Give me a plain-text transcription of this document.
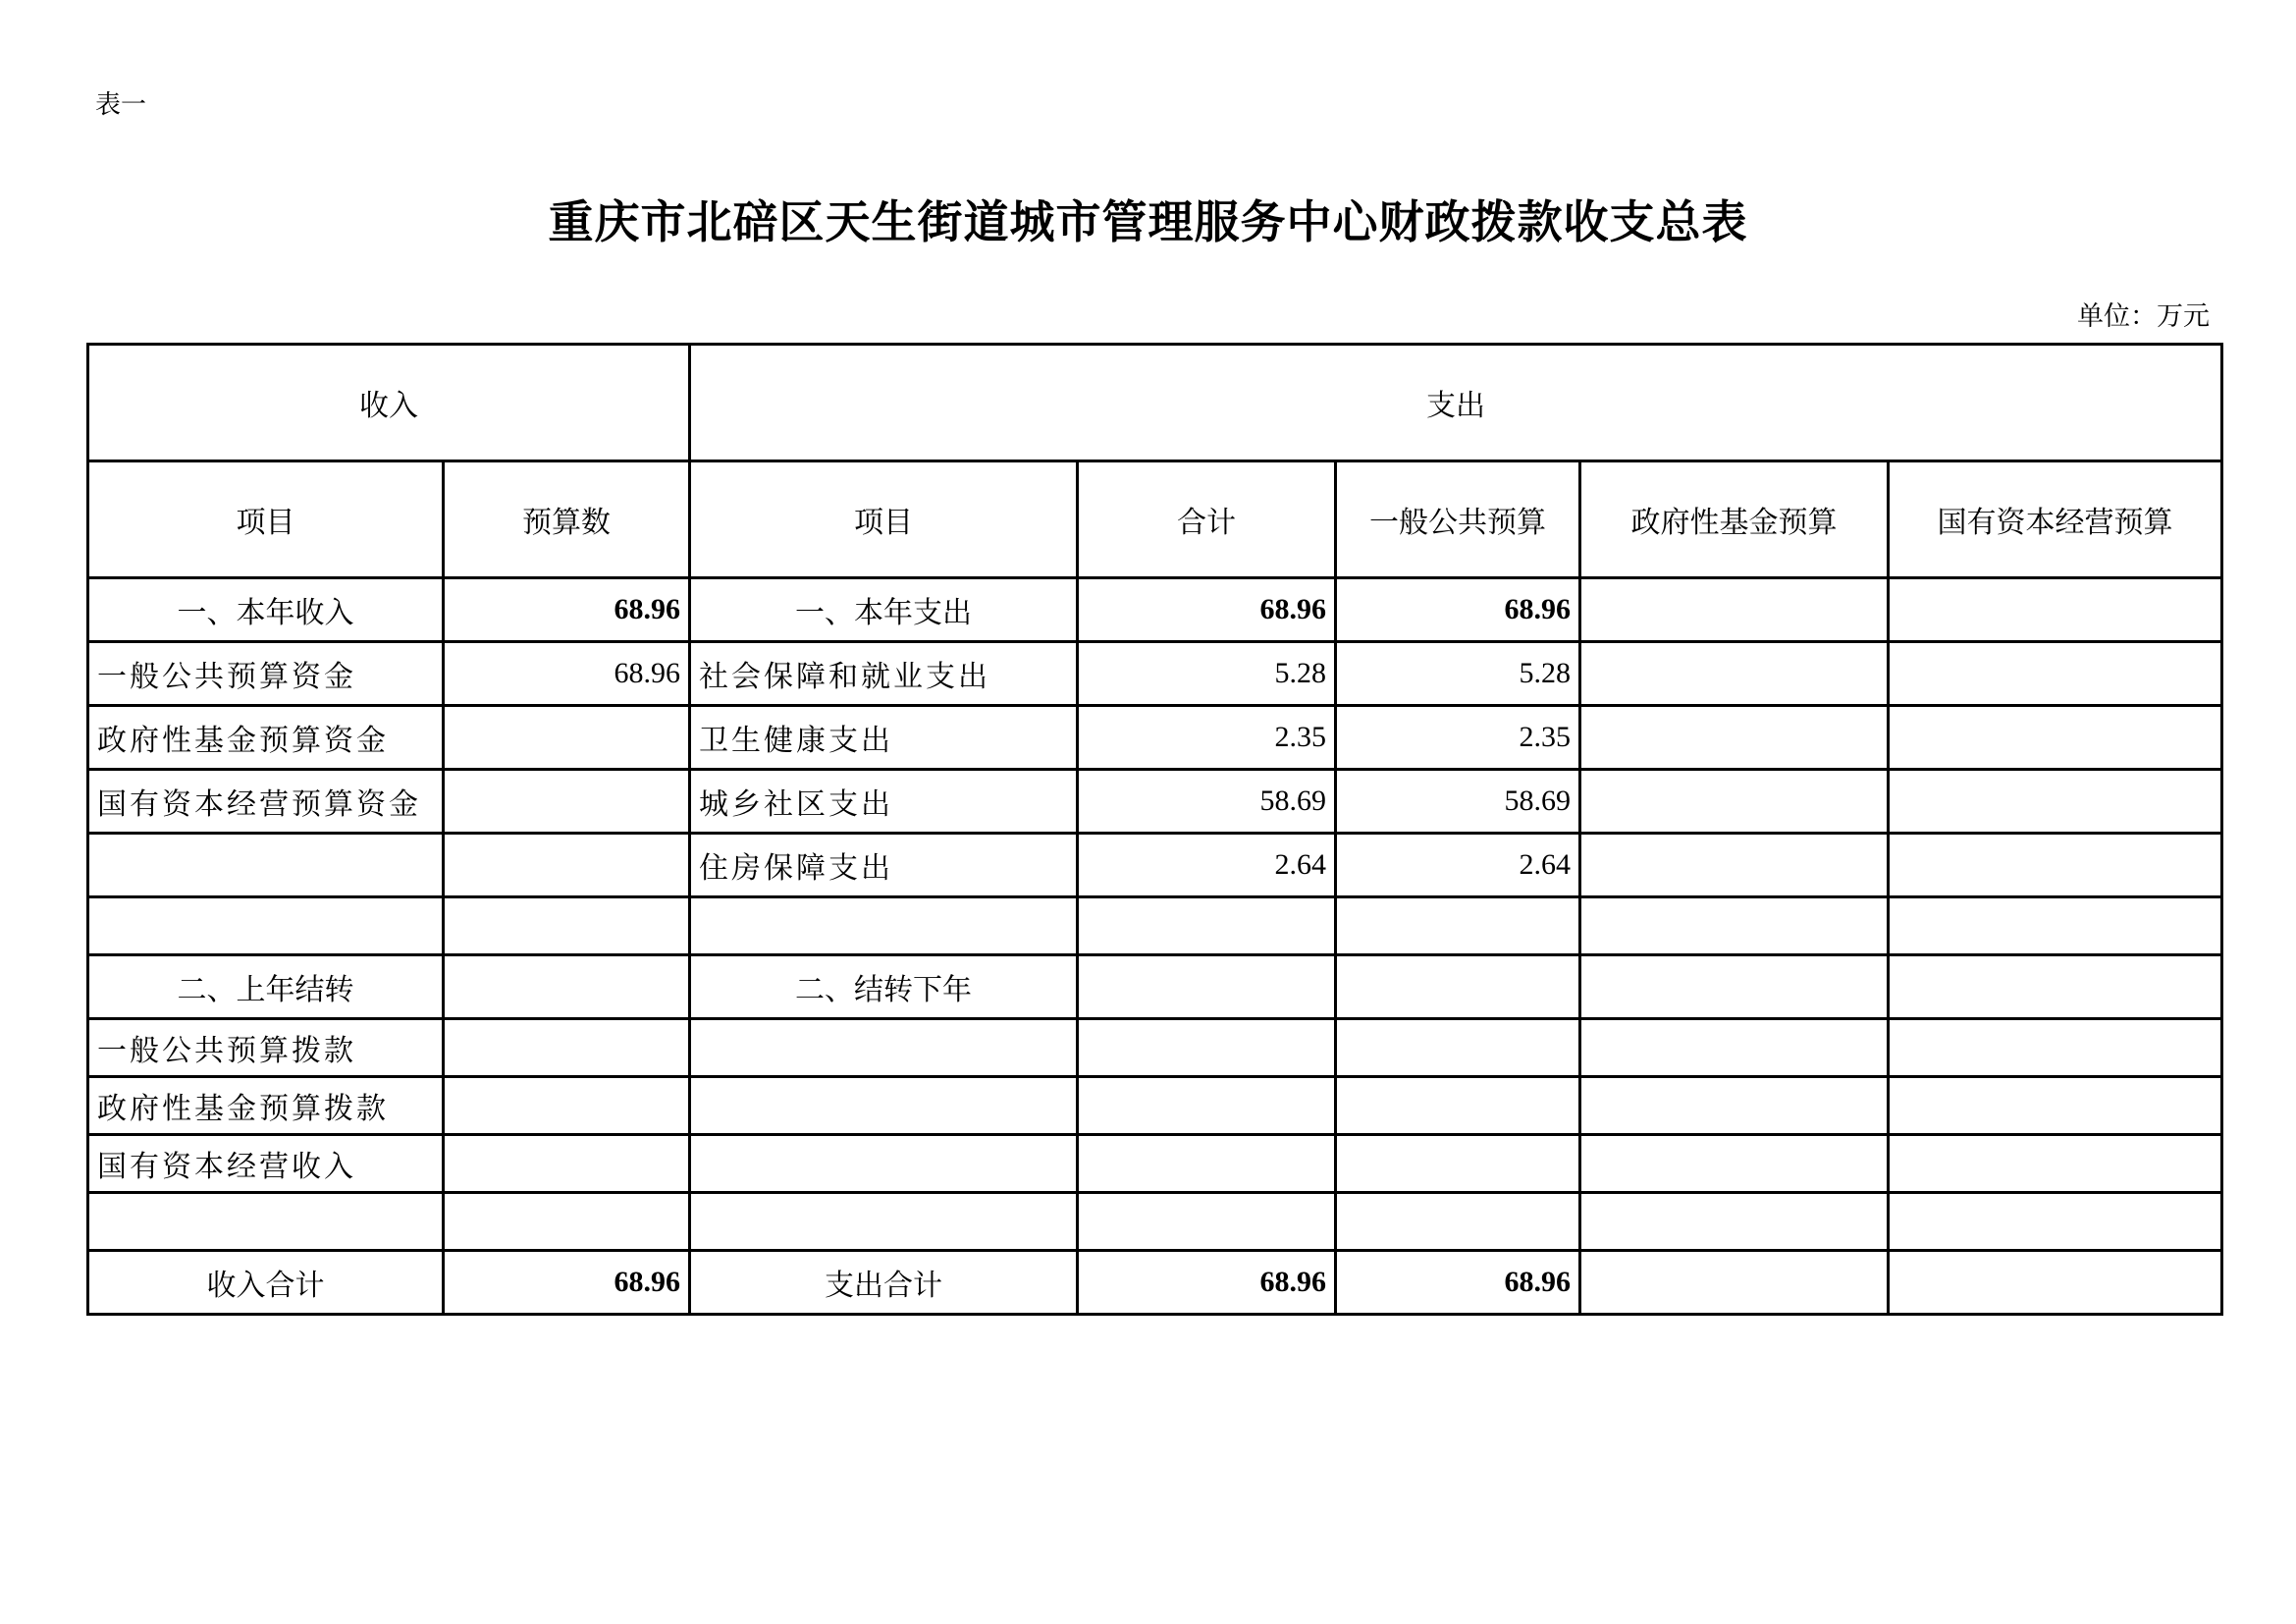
表一
重庆市北碚区天生街道城市管理服务中心财政拨款收支总表
单位：万元
收入		支出				
项目	预算数	项目	合计	一般公共预算	政府性基金预算	国有资本经营预算
一、本年收入	68.96	一、本年支出	68.96	68.96		
一般公共预算资金	68.96	社会保障和就业支出	5.28	5.28		
政府性基金预算资金		卫生健康支出	2.35	2.35		
国有资本经营预算资金		城乡社区支出	58.69	58.69		
		住房保障支出	2.64	2.64		

二、上年结转		二、结转下年				
一般公共预算拨款						
政府性基金预算拨款						
国有资本经营收入						

收入合计	68.96	支出合计	68.96	68.96		
